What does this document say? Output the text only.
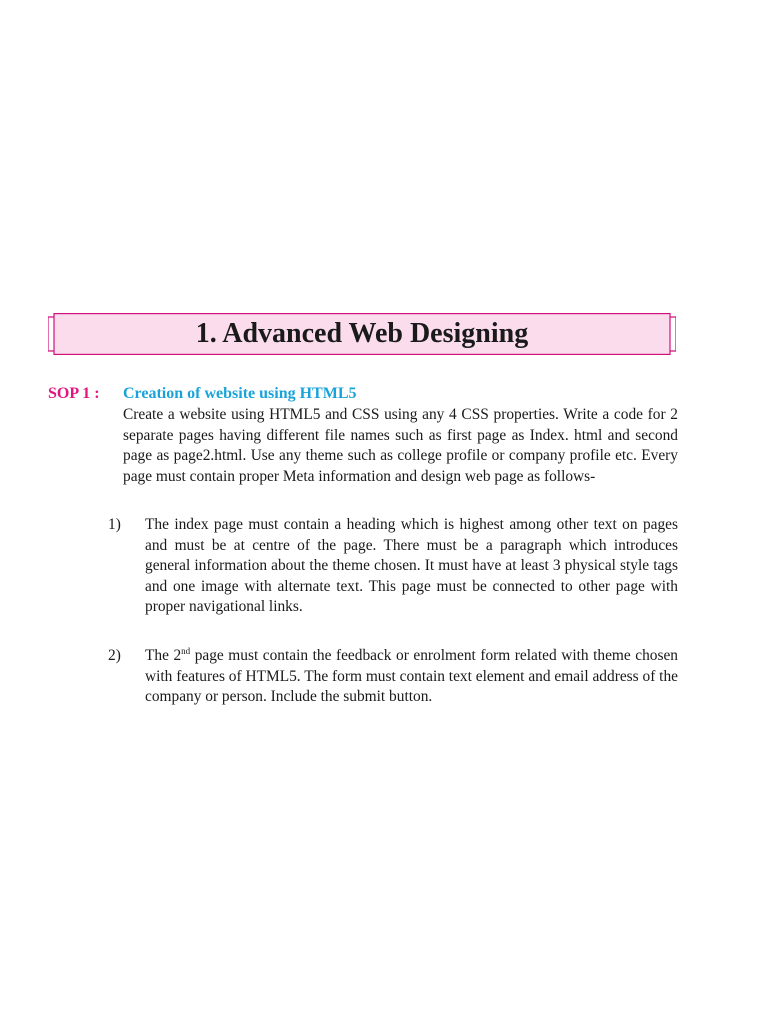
1. Advanced Web Designing
SOP 1 : Creation of website using HTML5

Create a website using HTML5 and CSS using any 4 CSS properties. Write a code for 2 separate pages having different file names such as first page as Index. html and second page as page2.html. Use any theme such as college profile or company profile etc. Every page must contain proper Meta information and design web page as follows-

1) The index page must contain a heading which is highest among other text on pages and must be at centre of the page. There must be a paragraph which introduces general information about the theme chosen. It must have at least 3 physical style tags and one image with alternate text. This page must be connected to other page with proper navigational links.
2) The 2nd page must contain the feedback or enrolment form related with theme chosen with features of HTML5. The form must contain text element and email address of the company or person. Include the submit button.
